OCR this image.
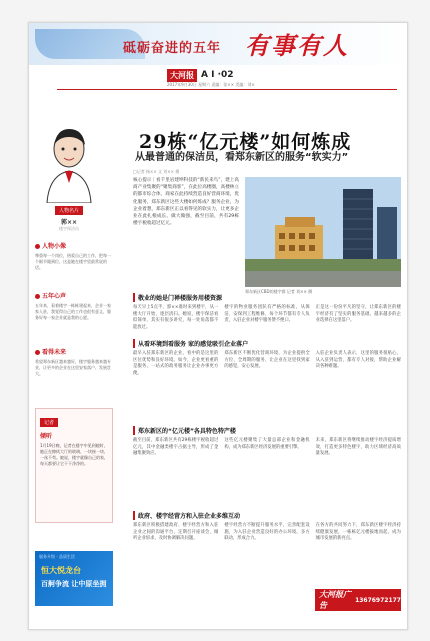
砥砺奋进的五年 有事有人
大河报 A I ·02
2017年9月30日 星期六 责编：张×× 美编：刘×
人物名片
郭××
楼宇保洁员
人物小像
尊重每一个岗位，热爱自己的工作，把每一个细节做到位，这是她在楼宇里最常说的话。
五年心声
五年来，看着楼宇一栋栋建起来，企业一家家入驻，我觉得自己的工作也很有意义，服务好每一家企业就是我的心愿。
看得未来
希望郑东新区越来越好，楼宇服务越来越专业，让更多的企业在这里安家落户、发展壮大。
记者
倾听
1月19日晚，记者在楼宇中见到她时，她正在擦拭大厅的玻璃，一块接一块，一丝不苟。她说，楼宇就像自己的家，每天都要让它干干净净的。
服务升级 · 品质生活
恒大悦龙台
百舸争流 让中原坐拥
29栋“亿元楼”如何炼成
从最普通的保洁员，看郑东新区的服务“软实力”
□记者 杨×× 文 刘×× 摄
核心提示｜看千里岩建坤科技的“新民来鸟”，建上高商产业集聚的“聚集商客”，在此位高楼圈，高楼林立的都市综合体，商家在此持续营造良好营商环境，优化服务，郑东新区这些大楼如何炼成？服务企业，为企业着想，郑东新区正以看得见的软实力，让更多企业在此扎根成长、做大做强，截至目前，共有29栋楼宇税收超过亿元。
郑东新区CBD的楼宇群 记者 刘×× 摄
敬业的她是门禅楼服务用楼资源
每天早上5点半，郭××准时来到楼宇，从一楼大厅开始，逐层清扫。她说，楼宇保洁看似简单，其实有很多讲究，每一处角落都不能放过。
楼宇的物业服务团队有严格的标准，从保洁、安保到工程维修，每个环节都有专人负责，入驻企业对楼宇服务赞不绝口。
正是这一份份平凡的坚守，让郑东新区的楼宇经济有了坚实的服务基础，越来越多的企业选择在这里落户。
从看环境到看服务 家的感觉吸引企业落户
最早入驻郑东新区的企业，看中的是这里的区位优势和良好环境。如今，企业更看重的是服务，一站式的政务服务让企业办事更方便。
郑东新区不断优化营商环境，为企业提供全方位、全周期的服务，让企业在这里找到家的感觉，安心发展。
入驻企业负责人表示，这里的服务很贴心，从入驻到运营，都有专人对接，帮助企业解决各种难题。
郑东新区的“亿元楼”各具特色特产楼
截至目前，郑东新区共有29栋楼宇税收超过亿元，其中金融类楼宇占据主导，形成了金融集聚效应。
这些亿元楼聚集了大量总部企业和金融机构，成为郑东新区经济发展的重要引擎。
未来，郑东新区将继续推动楼宇经济提质增效，打造更多特色楼宇，助力区域经济高质量发展。
政府、楼宇经营方和入驻企业多维互动
郑东新区积极搭建政府、楼宇经营方和入驻企业之间的沟通平台，定期召开座谈会，倾听企业诉求，及时协调解决问题。
楼宇经营方不断提升服务水平，完善配套设施，为入驻企业营造良好的办公环境。多方联动，形成合力。
在各方的共同努力下，郑东新区楼宇经济持续健康发展，一栋栋亿元楼拔地而起，成为城市发展的新亮点。
大河报广告	13676972177
